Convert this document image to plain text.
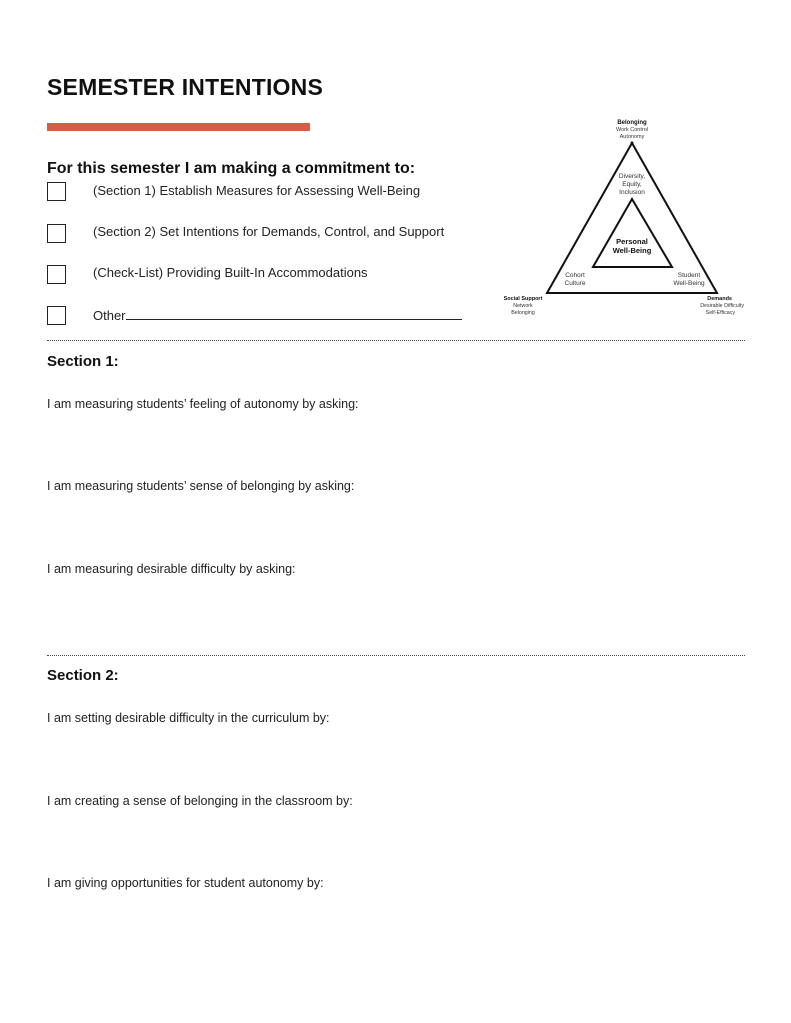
SEMESTER INTENTIONS
For this semester I am making a commitment to:
(Section 1) Establish Measures for Assessing Well-Being
(Section 2) Set Intentions for Demands, Control, and Support
(Check-List) Providing Built-In Accommodations
Other
Belonging
Work Control
Autonomy
Diversity,
Equity,
Inclusion
Personal
Well-Being
Cohort
Culture
Student
Well-Being
Social Support
Network
Belonging
Demands
Desirable Difficulty
Self-Efficacy
Section 1:
I am measuring students’ feeling of autonomy by asking:
I am measuring students’ sense of belonging by asking:
I am measuring desirable difficulty by asking:
Section 2:
I am setting desirable difficulty in the curriculum by:
I am creating a sense of belonging in the classroom by:
I am giving opportunities for student autonomy by:
